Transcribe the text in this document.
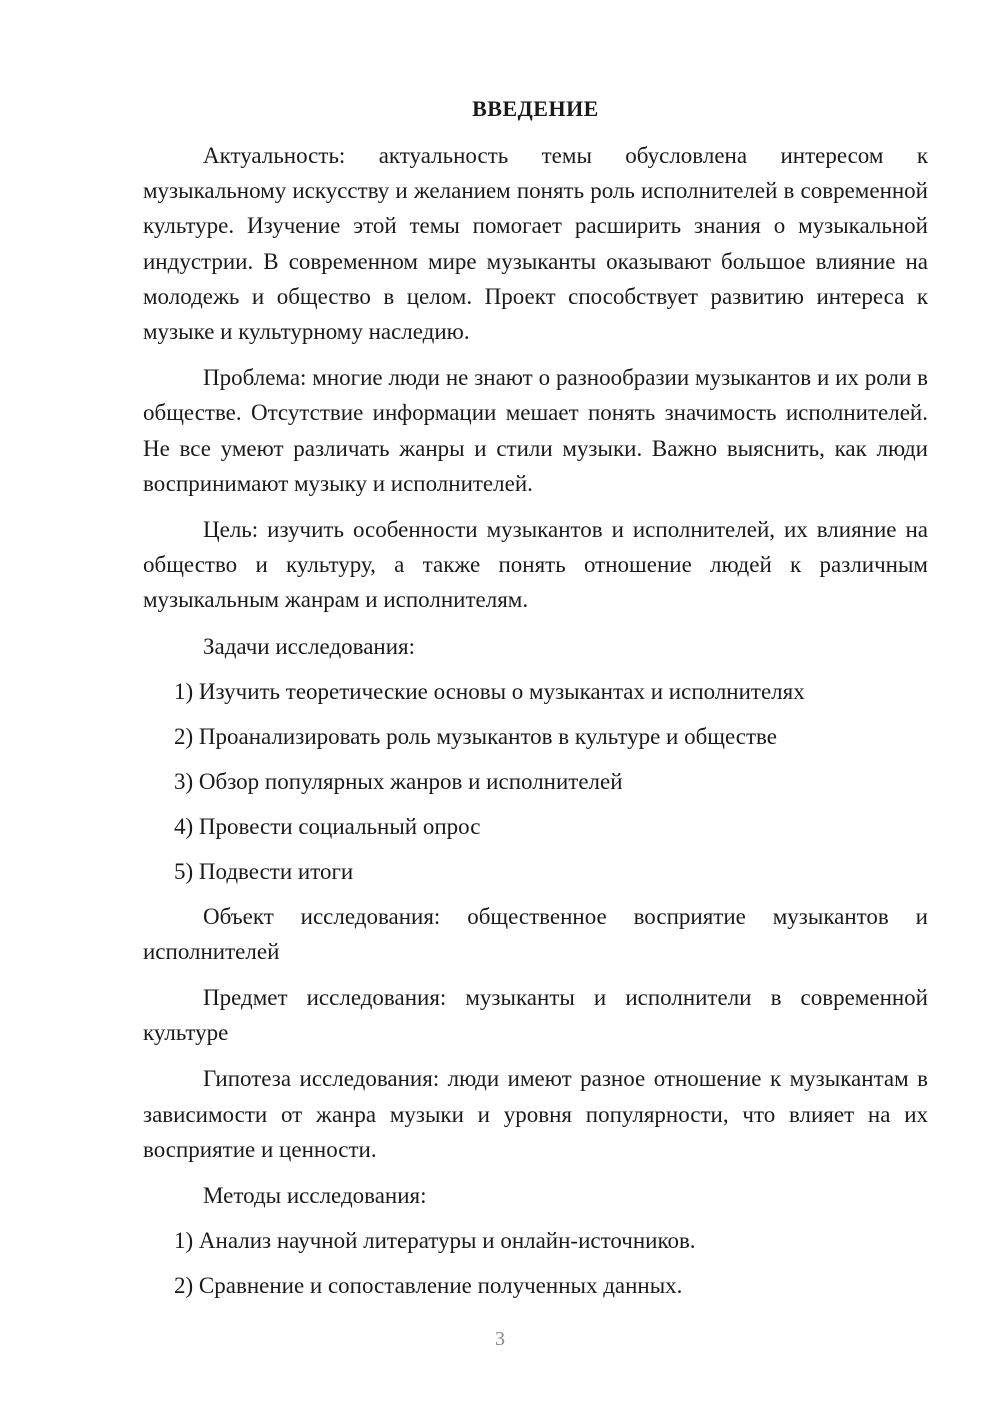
ВВЕДЕНИЕ

Актуальность: актуальность темы обусловлена интересом к музыкальному искусству и желанием понять роль исполнителей в современной культуре. Изучение этой темы помогает расширить знания о музыкальной индустрии. В современном мире музыканты оказывают большое влияние на молодежь и общество в целом. Проект способствует развитию интереса к музыке и культурному наследию.

Проблема: многие люди не знают о разнообразии музыкантов и их роли в обществе. Отсутствие информации мешает понять значимость исполнителей. Не все умеют различать жанры и стили музыки. Важно выяснить, как люди воспринимают музыку и исполнителей.

Цель: изучить особенности музыкантов и исполнителей, их влияние на общество и культуру, а также понять отношение людей к различным музыкальным жанрам и исполнителям.

Задачи исследования:

1) Изучить теоретические основы о музыкантах и исполнителях
2) Проанализировать роль музыкантов в культуре и обществе
3) Обзор популярных жанров и исполнителей
4) Провести социальный опрос
5) Подвести итоги

Объект исследования: общественное восприятие музыкантов и исполнителей

Предмет исследования: музыканты и исполнители в современной культуре

Гипотеза исследования: люди имеют разное отношение к музыкантам в зависимости от жанра музыки и уровня популярности, что влияет на их восприятие и ценности.

Методы исследования:

1) Анализ научной литературы и онлайн-источников.
2) Сравнение и сопоставление полученных данных.
3
